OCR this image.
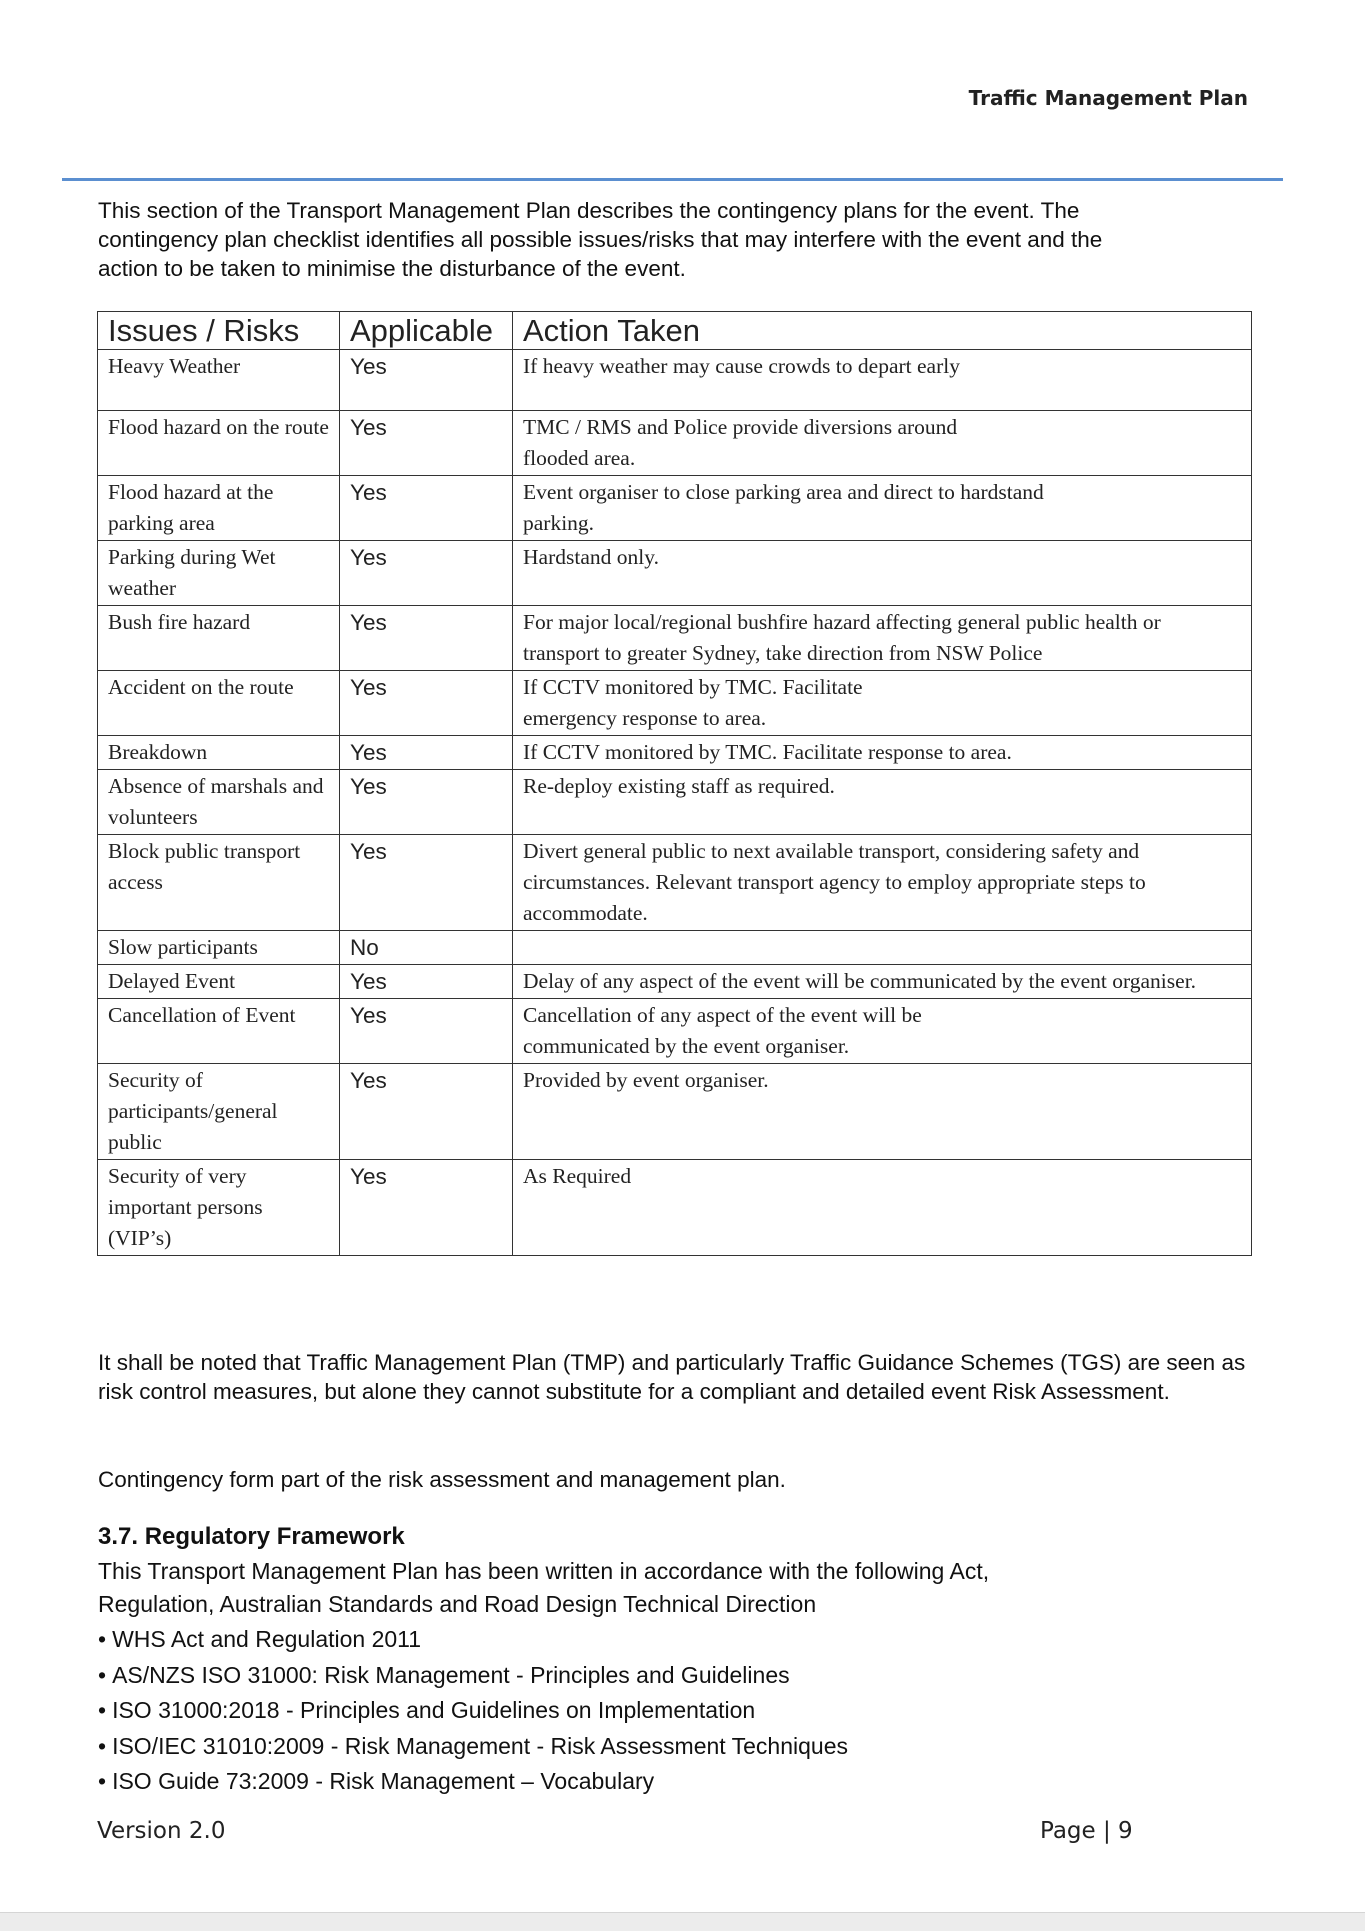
Traffic Management Plan

This section of the Transport Management Plan describes the contingency plans for the event. The contingency plan checklist identifies all possible issues/risks that may interfere with the event and the action to be taken to minimise the disturbance of the event.

Issues / Risks	Applicable	Action Taken
Heavy Weather	Yes	If heavy weather may cause crowds to depart early
Flood hazard on the route	Yes	TMC / RMS and Police provide diversions around flooded area.
Flood hazard at the parking area	Yes	Event organiser to close parking area and direct to hardstand parking.
Parking during Wet weather	Yes	Hardstand only.
Bush fire hazard	Yes	For major local/regional bushfire hazard affecting general public health or transport to greater Sydney, take direction from NSW Police
Accident on the route	Yes	If CCTV monitored by TMC. Facilitate emergency response to area.
Breakdown	Yes	If CCTV monitored by TMC. Facilitate response to area.
Absence of marshals and volunteers	Yes	Re-deploy existing staff as required.
Block public transport access	Yes	Divert general public to next available transport, considering safety and circumstances. Relevant transport agency to employ appropriate steps to accommodate.
Slow participants	No	
Delayed Event	Yes	Delay of any aspect of the event will be communicated by the event organiser.
Cancellation of Event	Yes	Cancellation of any aspect of the event will be communicated by the event organiser.
Security of participants/general public	Yes	Provided by event organiser.
Security of very important persons (VIP’s)	Yes	As Required

It shall be noted that Traffic Management Plan (TMP) and particularly Traffic Guidance Schemes (TGS) are seen as risk control measures, but alone they cannot substitute for a compliant and detailed event Risk Assessment.

Contingency form part of the risk assessment and management plan.

3.7. Regulatory Framework

This Transport Management Plan has been written in accordance with the following Act, Regulation, Australian Standards and Road Design Technical Direction

• WHS Act and Regulation 2011
• AS/NZS ISO 31000: Risk Management - Principles and Guidelines
• ISO 31000:2018 - Principles and Guidelines on Implementation
• ISO/IEC 31010:2009 - Risk Management - Risk Assessment Techniques
• ISO Guide 73:2009 - Risk Management – Vocabulary
Version 2.0	Page | 9
